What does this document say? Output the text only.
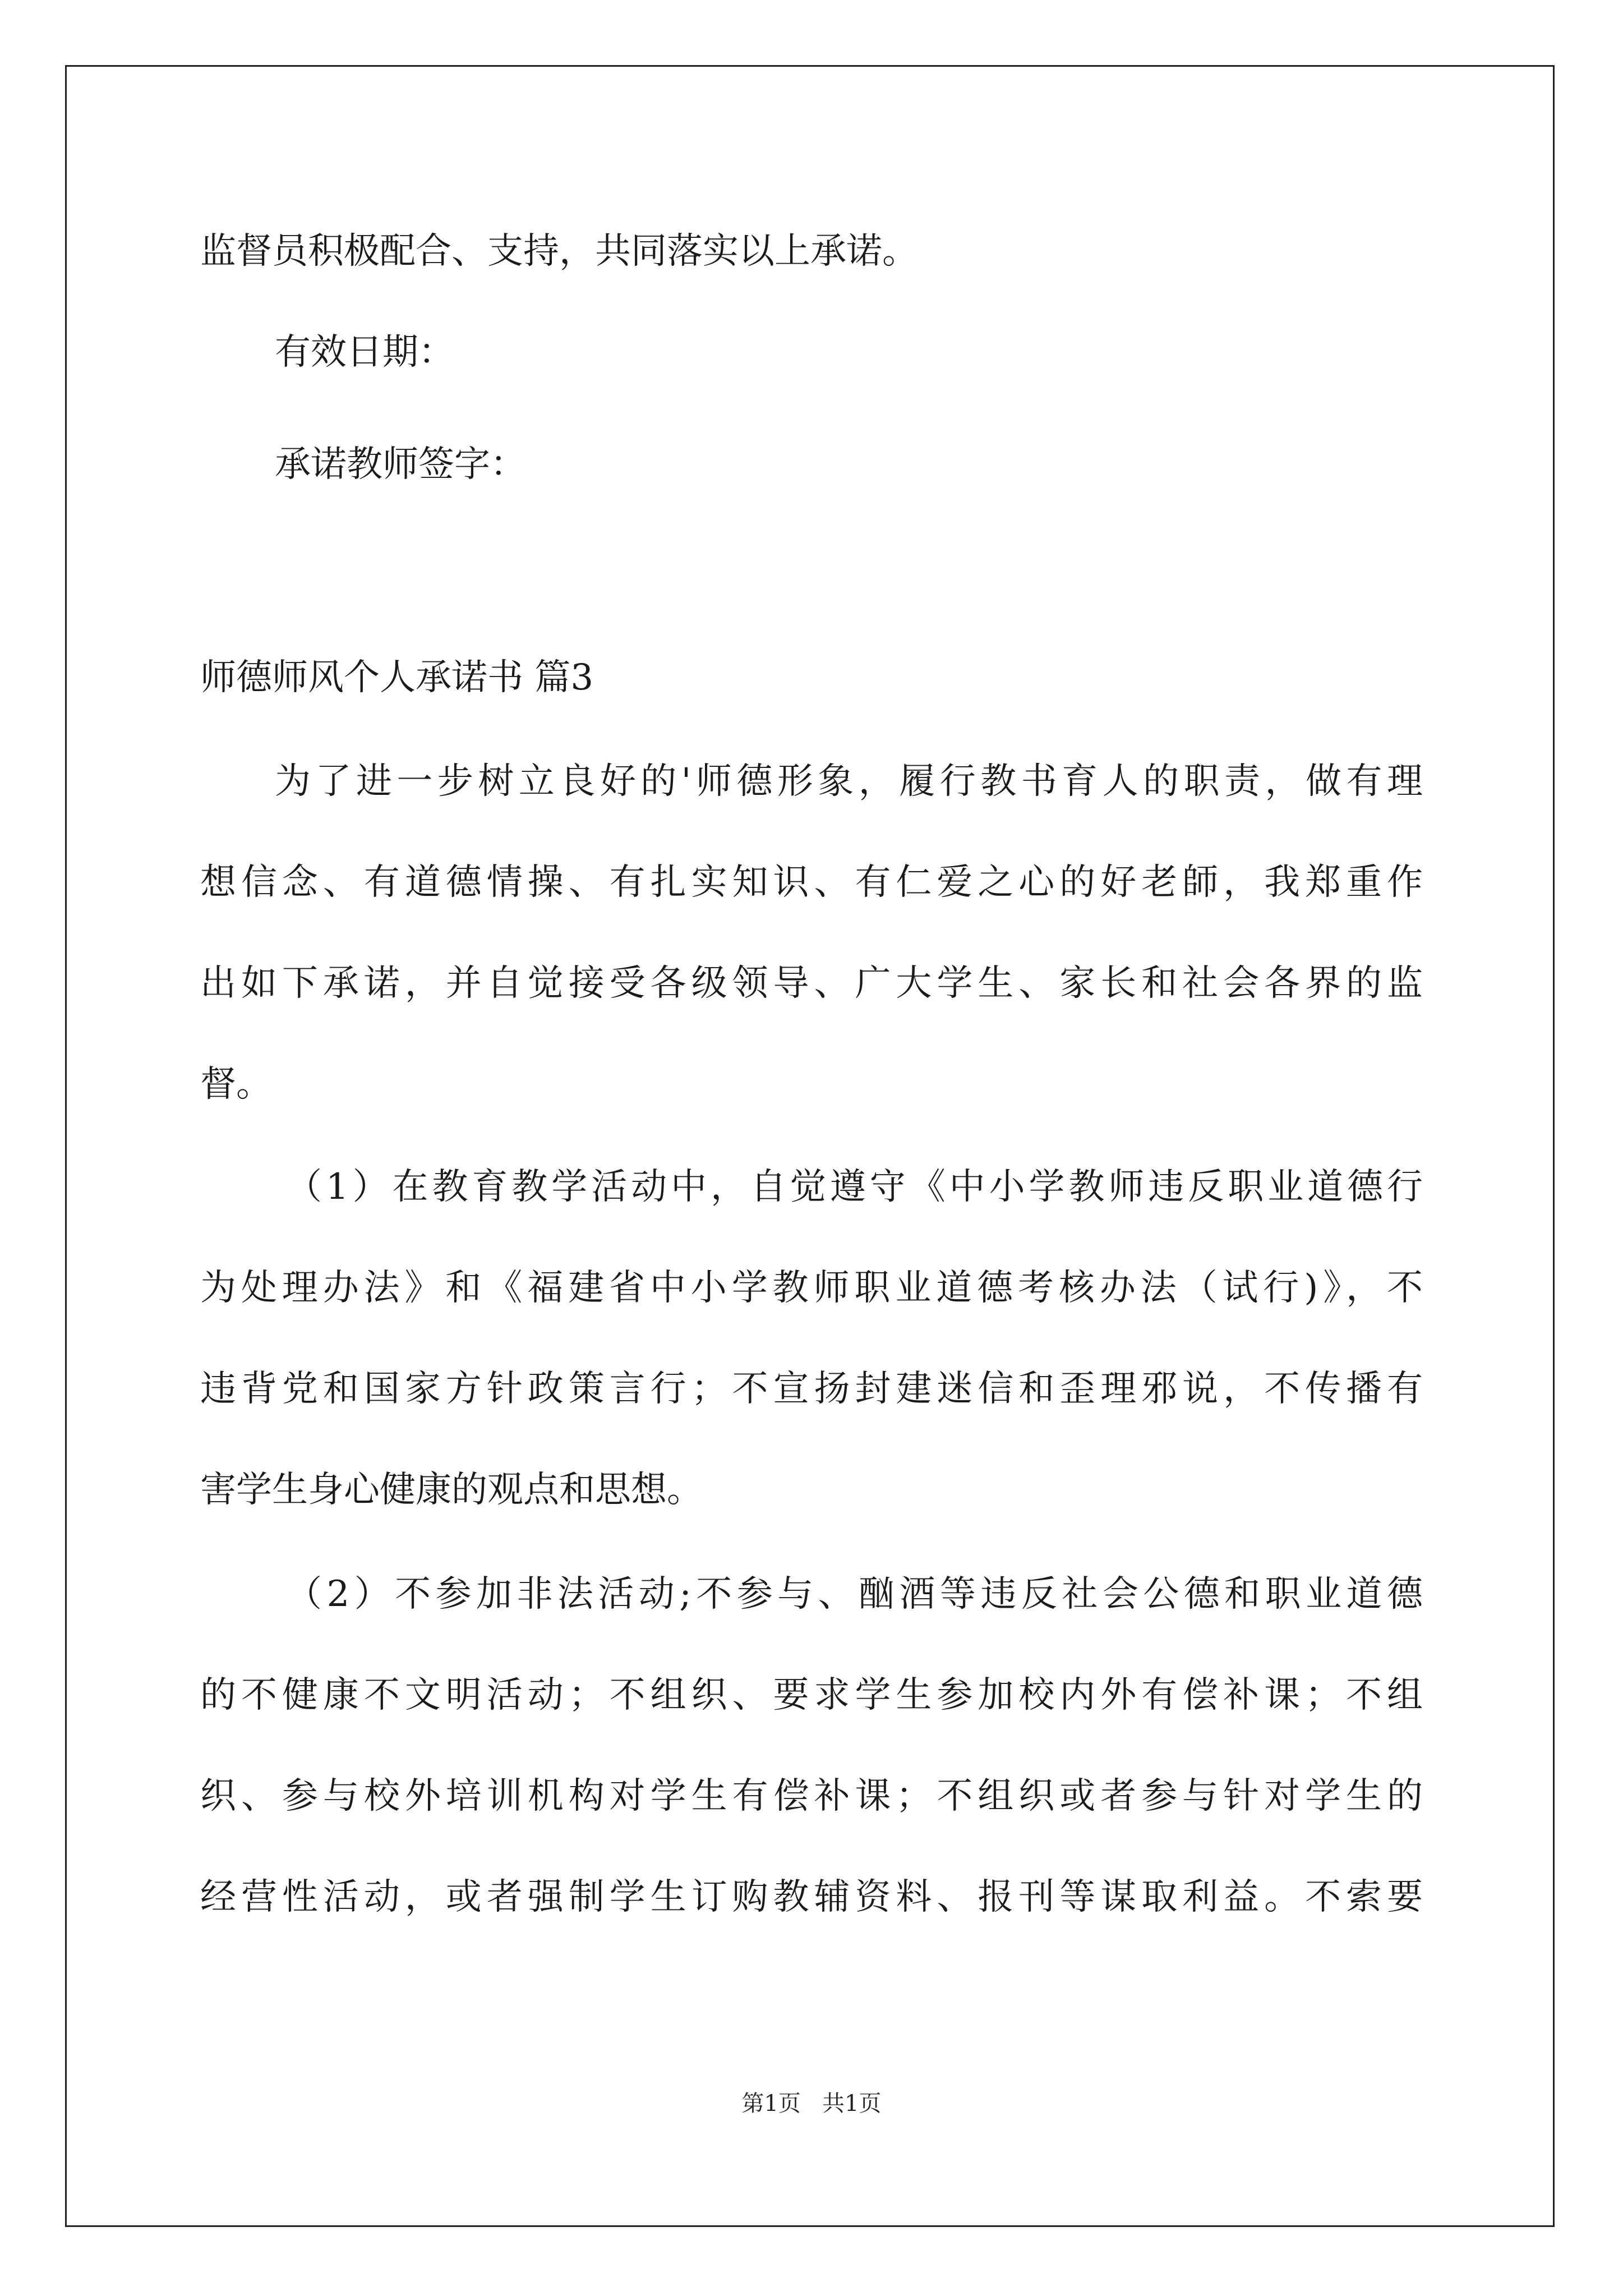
监督员积极配合、支持，共同落实以上承诺。
有效日期：
承诺教师签字：
师德师风个人承诺书 篇3
为了进一步树立良好的'师德形象，履行教书育人的职责，做有理
想信念、有道德情操、有扎实知识、有仁爱之心的好老師，我郑重作
出如下承诺，并自觉接受各级领导、广大学生、家长和社会各界的监
督。
（1）在教育教学活动中，自觉遵守《中小学教师违反职业道德行
为处理办法》和《福建省中小学教师职业道德考核办法（试行)》，不
违背党和国家方针政策言行；不宣扬封建迷信和歪理邪说，不传播有
害学生身心健康的观点和思想。
（2）不参加非法活动;不参与、酗酒等违反社会公德和职业道德
的不健康不文明活动；不组织、要求学生参加校内外有偿补课；不组
织、参与校外培训机构对学生有偿补课；不组织或者参与针对学生的
经营性活动，或者强制学生订购教辅资料、报刊等谋取利益。不索要
第1页   共1页
